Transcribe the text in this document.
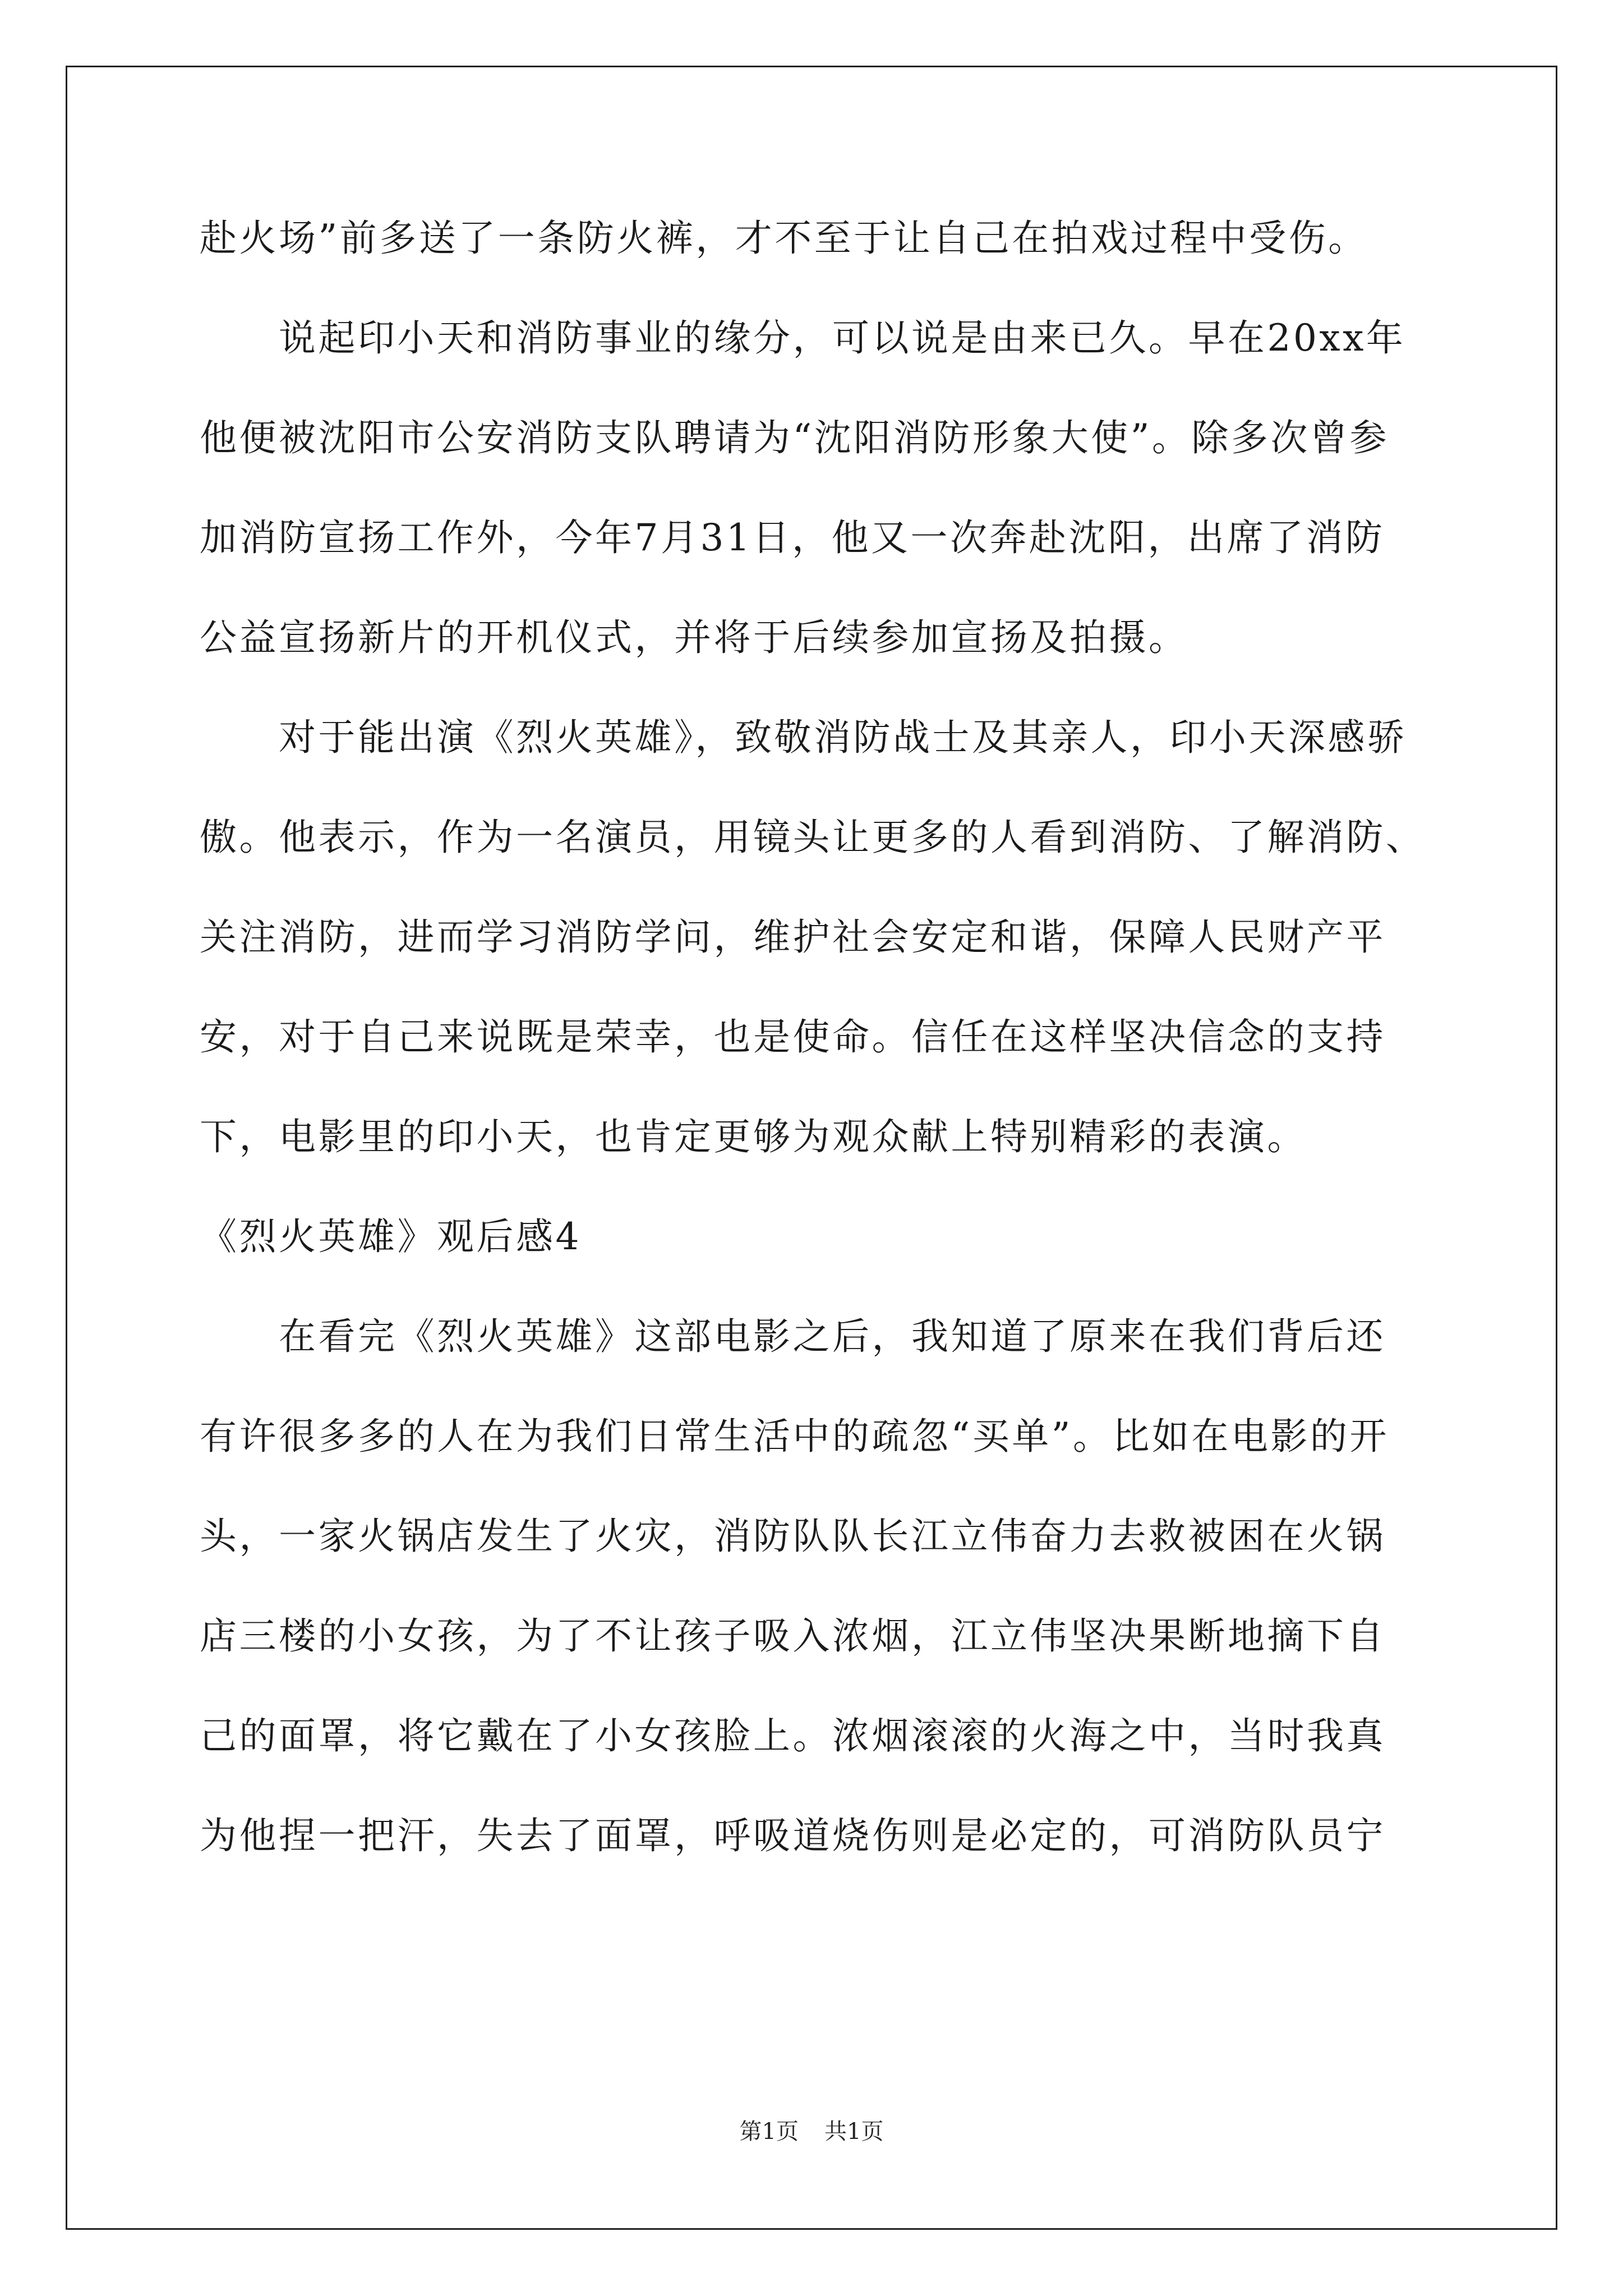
赴火场”前多送了一条防火裤，才不至于让自己在拍戏过程中受伤。
　　说起印小天和消防事业的缘分，可以说是由来已久。早在20xx年
他便被沈阳市公安消防支队聘请为“沈阳消防形象大使”。除多次曾参
加消防宣扬工作外，今年7月31日，他又一次奔赴沈阳，出席了消防
公益宣扬新片的开机仪式，并将于后续参加宣扬及拍摄。
　　对于能出演《烈火英雄》，致敬消防战士及其亲人，印小天深感骄
傲。他表示，作为一名演员，用镜头让更多的人看到消防、了解消防、
关注消防，进而学习消防学问，维护社会安定和谐，保障人民财产平
安，对于自己来说既是荣幸，也是使命。信任在这样坚决信念的支持
下，电影里的印小天，也肯定更够为观众献上特别精彩的表演。
《烈火英雄》观后感4
　　在看完《烈火英雄》这部电影之后，我知道了原来在我们背后还
有许很多多的人在为我们日常生活中的疏忽“买单”。比如在电影的开
头，一家火锅店发生了火灾，消防队队长江立伟奋力去救被困在火锅
店三楼的小女孩，为了不让孩子吸入浓烟，江立伟坚决果断地摘下自
己的面罩，将它戴在了小女孩脸上。浓烟滚滚的火海之中，当时我真
为他捏一把汗，失去了面罩，呼吸道烧伤则是必定的，可消防队员宁
第1页 共1页
